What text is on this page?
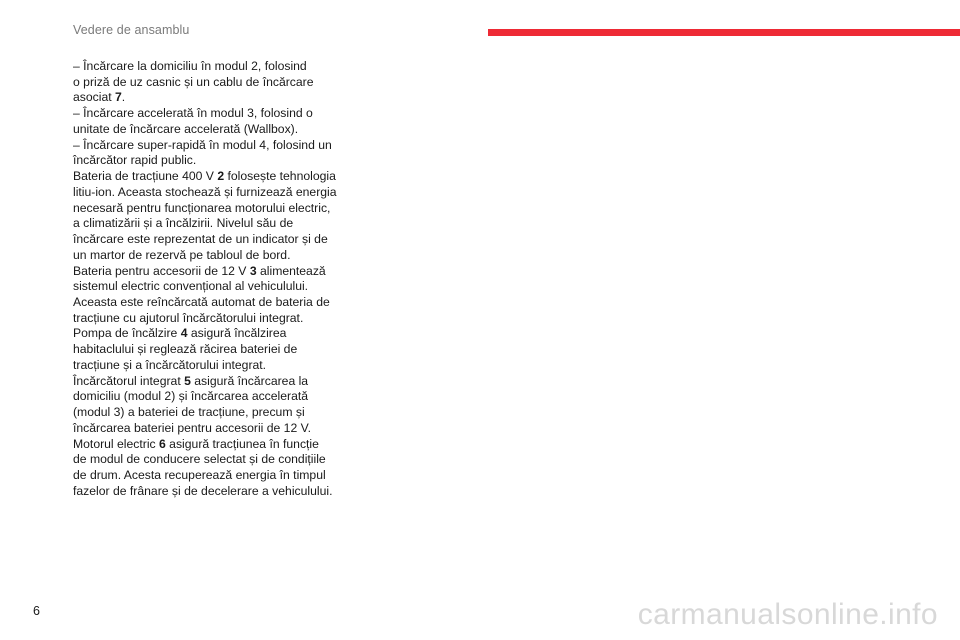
Vedere de ansamblu
– Încărcare la domiciliu în modul 2, folosind
o priză de uz casnic și un cablu de încărcare
asociat 7.
– Încărcare accelerată în modul 3, folosind o
unitate de încărcare accelerată (Wallbox).
– Încărcare super-rapidă în modul 4, folosind un
încărcător rapid public.
Bateria de tracțiune 400 V 2 folosește tehnologia
litiu-ion. Aceasta stochează și furnizează energia
necesară pentru funcționarea motorului electric,
a climatizării și a încălzirii. Nivelul său de
încărcare este reprezentat de un indicator și de
un martor de rezervă pe tabloul de bord.
Bateria pentru accesorii de 12 V 3 alimentează
sistemul electric convențional al vehiculului.
Aceasta este reîncărcată automat de bateria de
tracțiune cu ajutorul încărcătorului integrat.
Pompa de încălzire 4 asigură încălzirea
habitaclului și reglează răcirea bateriei de
tracțiune și a încărcătorului integrat.
Încărcătorul integrat 5 asigură încărcarea la
domiciliu (modul 2) și încărcarea accelerată
(modul 3) a bateriei de tracțiune, precum și
încărcarea bateriei pentru accesorii de 12 V.
Motorul electric 6 asigură tracțiunea în funcție
de modul de conducere selectat și de condițiile
de drum. Acesta recuperează energia în timpul
fazelor de frânare și de decelerare a vehiculului.
6	carmanualsonline.info
